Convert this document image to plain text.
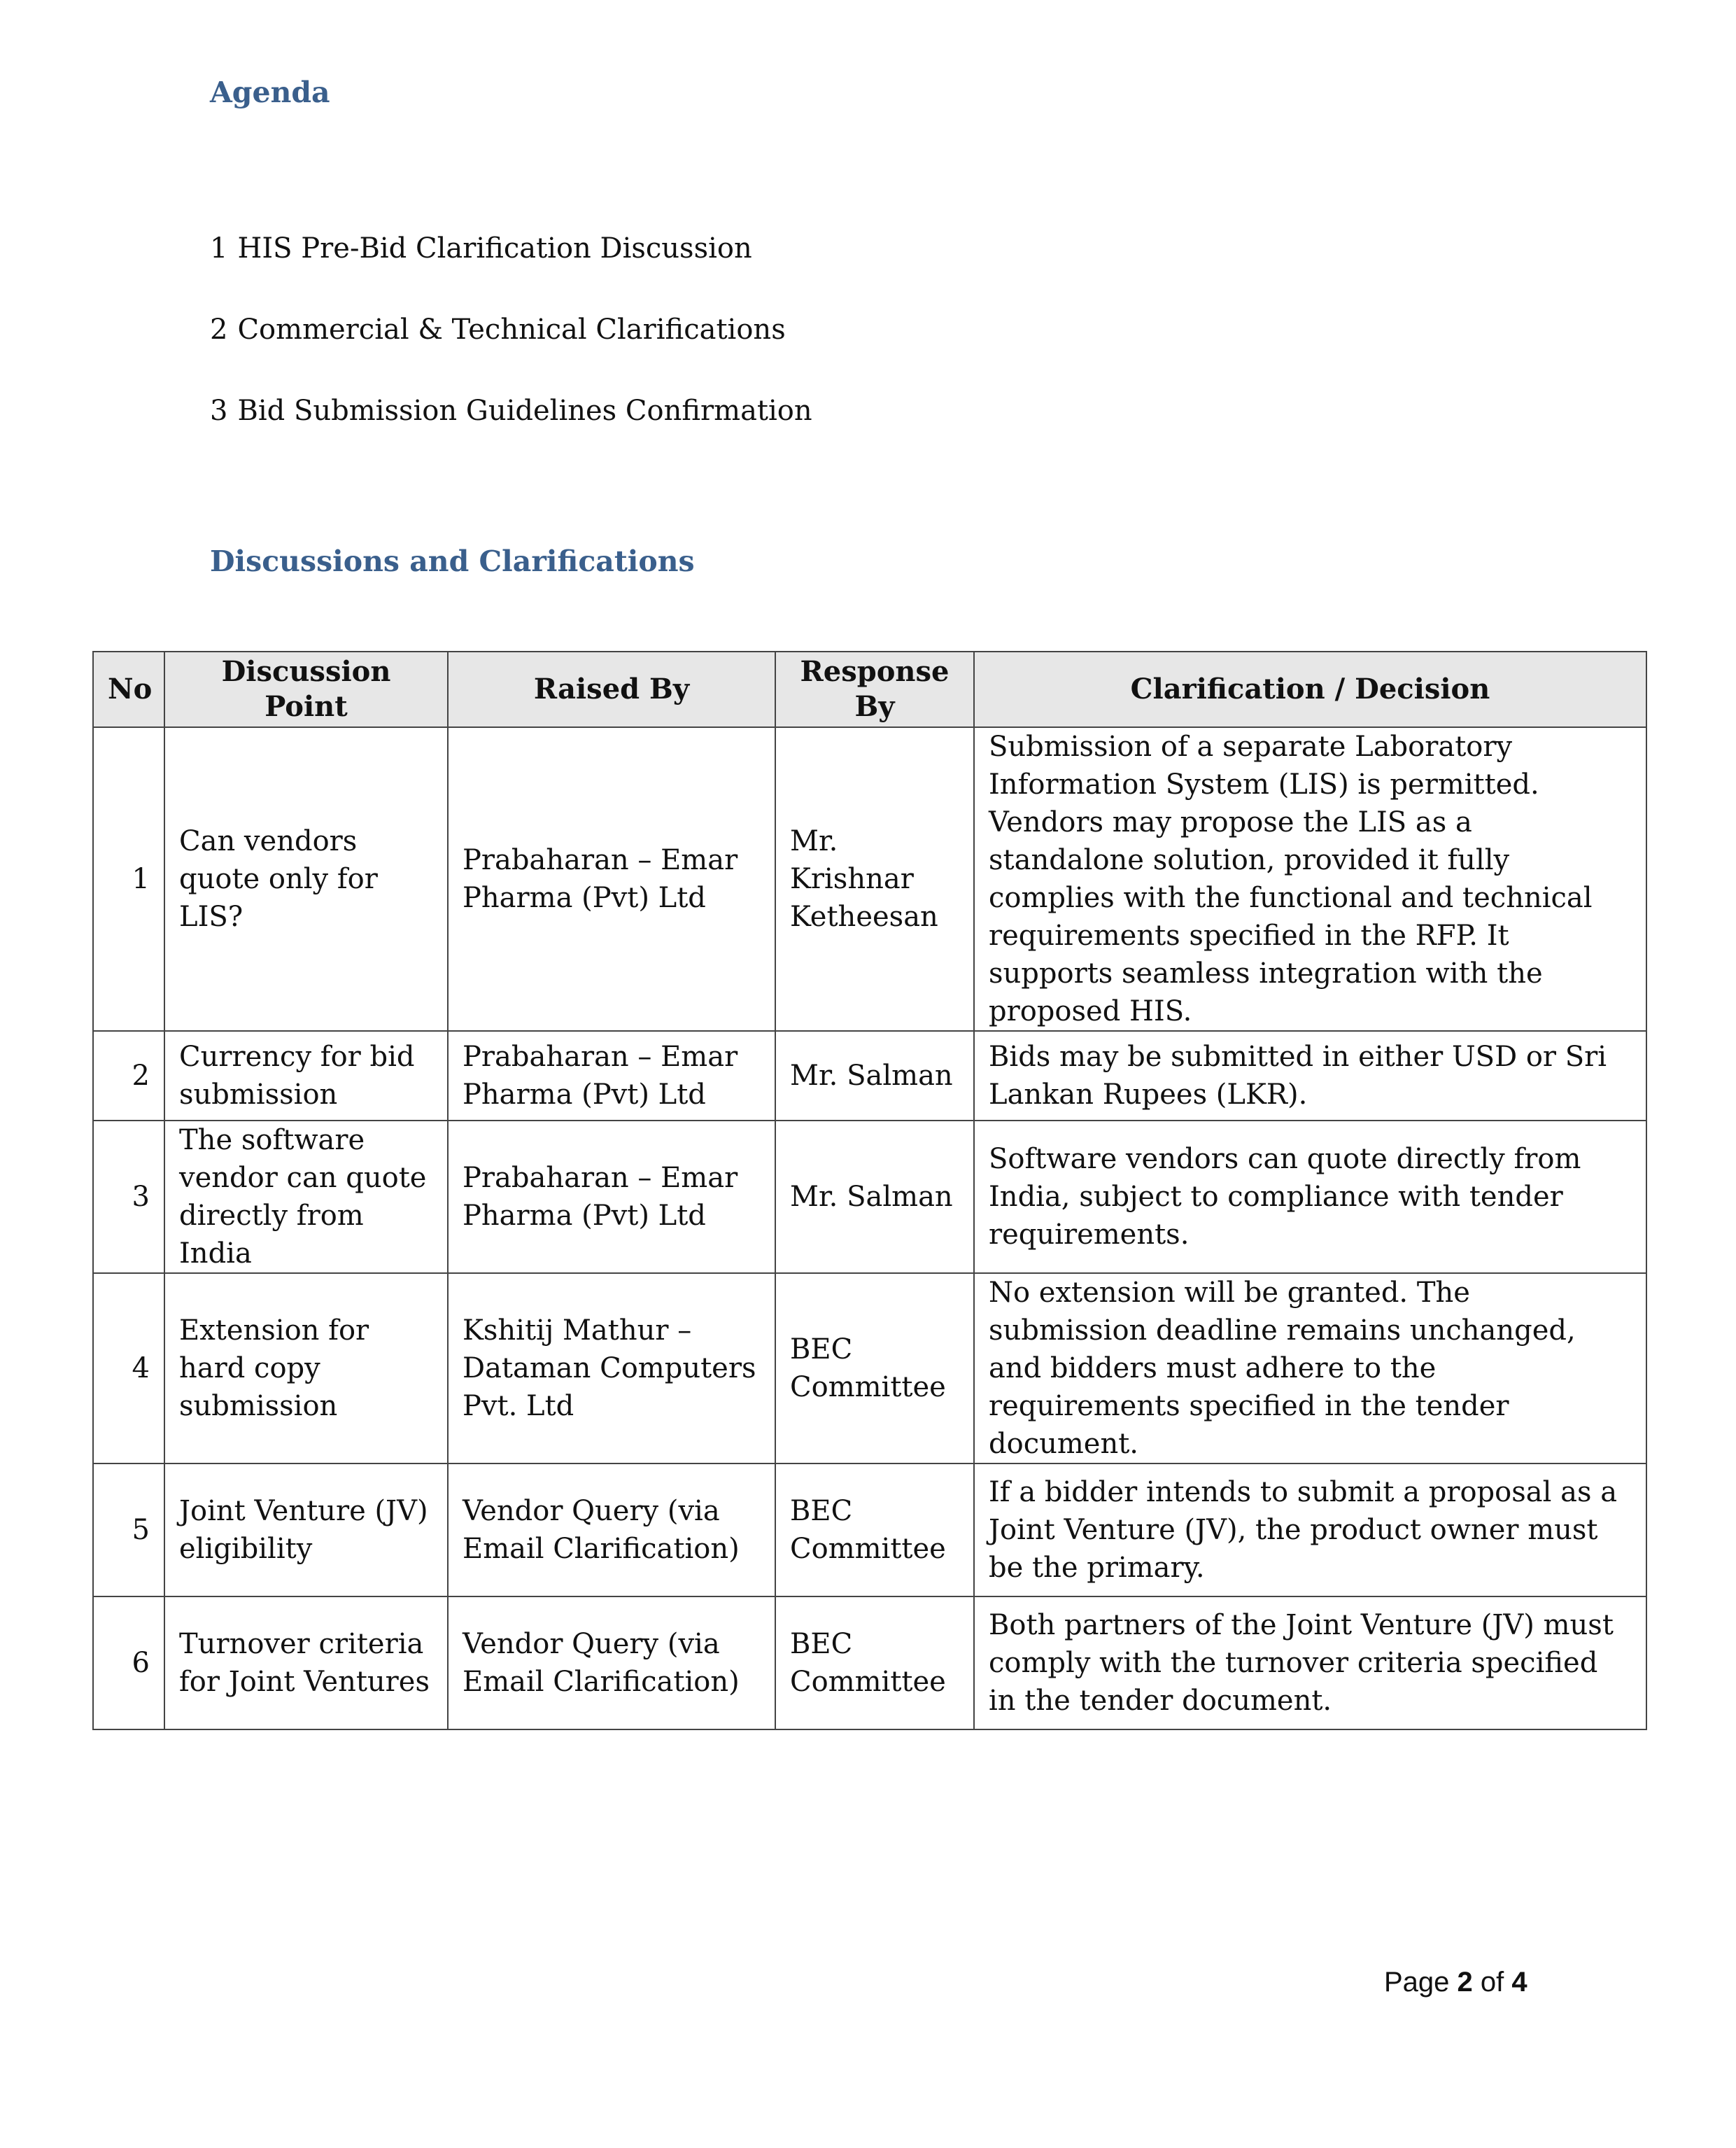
Agenda
1 HIS Pre-Bid Clarification Discussion
2 Commercial & Technical Clarifications
3 Bid Submission Guidelines Confirmation
Discussions and Clarifications
No	Discussion Point	Raised By	Response By	Clarification / Decision
1	Can vendors quote only for LIS?	Prabaharan – Emar Pharma (Pvt) Ltd	Mr. Krishnar Ketheesan	Submission of a separate Laboratory Information System (LIS) is permitted. Vendors may propose the LIS as a standalone solution, provided it fully complies with the functional and technical requirements specified in the RFP. It supports seamless integration with the proposed HIS.
2	Currency for bid submission	Prabaharan – Emar Pharma (Pvt) Ltd	Mr. Salman	Bids may be submitted in either USD or Sri Lankan Rupees (LKR).
3	The software vendor can quote directly from India	Prabaharan – Emar Pharma (Pvt) Ltd	Mr. Salman	Software vendors can quote directly from India, subject to compliance with tender requirements.
4	Extension for hard copy submission	Kshitij Mathur – Dataman Computers Pvt. Ltd	BEC Committee	No extension will be granted. The submission deadline remains unchanged, and bidders must adhere to the requirements specified in the tender document.
5	Joint Venture (JV) eligibility	Vendor Query (via Email Clarification)	BEC Committee	If a bidder intends to submit a proposal as a Joint Venture (JV), the product owner must be the primary.
6	Turnover criteria for Joint Ventures	Vendor Query (via Email Clarification)	BEC Committee	Both partners of the Joint Venture (JV) must comply with the turnover criteria specified in the tender document.

Page 2 of 4
